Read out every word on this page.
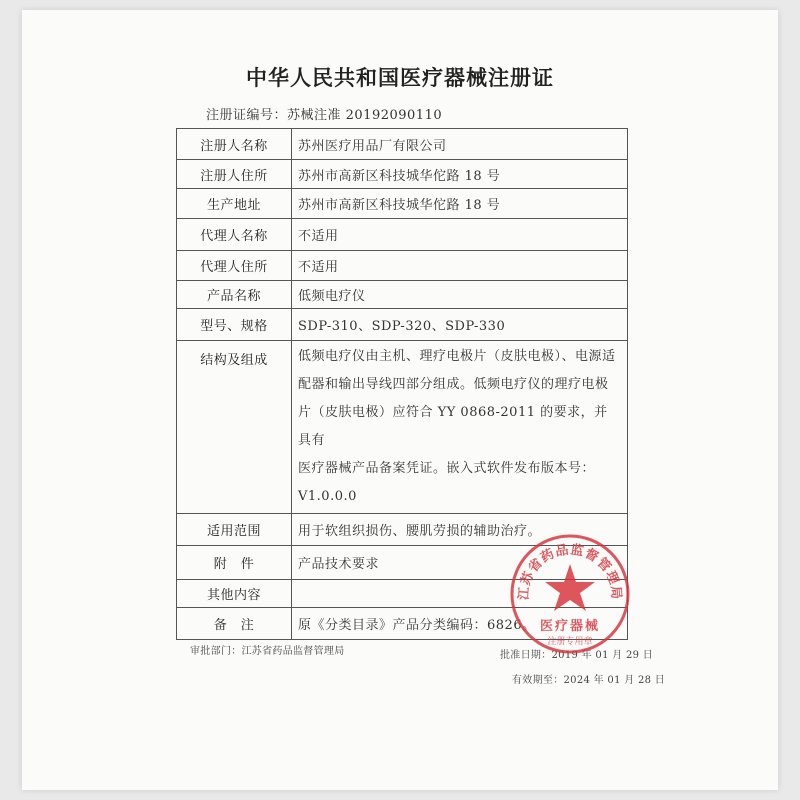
中华人民共和国医疗器械注册证
注册证编号：苏械注准 20192090110
注册人名称	苏州医疗用品厂有限公司
注册人住所	苏州市高新区科技城华佗路 18 号
生产地址	苏州市高新区科技城华佗路 18 号
代理人名称	不适用
代理人住所	不适用
产品名称	低频电疗仪
型号、规格	SDP-310、SDP-320、SDP-330
结构及组成	低频电疗仪由主机、理疗电极片（皮肤电极）、电源适
配器和输出导线四部分组成。低频电疗仪的理疗电极
片（皮肤电极）应符合 YY 0868-2011 的要求，并具有
医疗器械产品备案凭证。嵌入式软件发布版本号：
V1.0.0.0

适用范围	用于软组织损伤、腰肌劳损的辅助治疗。
附　件	产品技术要求
其他内容	
备　注	原《分类目录》产品分类编码：6826。
审批部门：江苏省药品监督管理局	批准日期：2019 年 01 月 29 日
有效期至：2024 年 01 月 28 日
江苏省药品监督管理局
医疗器械
注册专用章
